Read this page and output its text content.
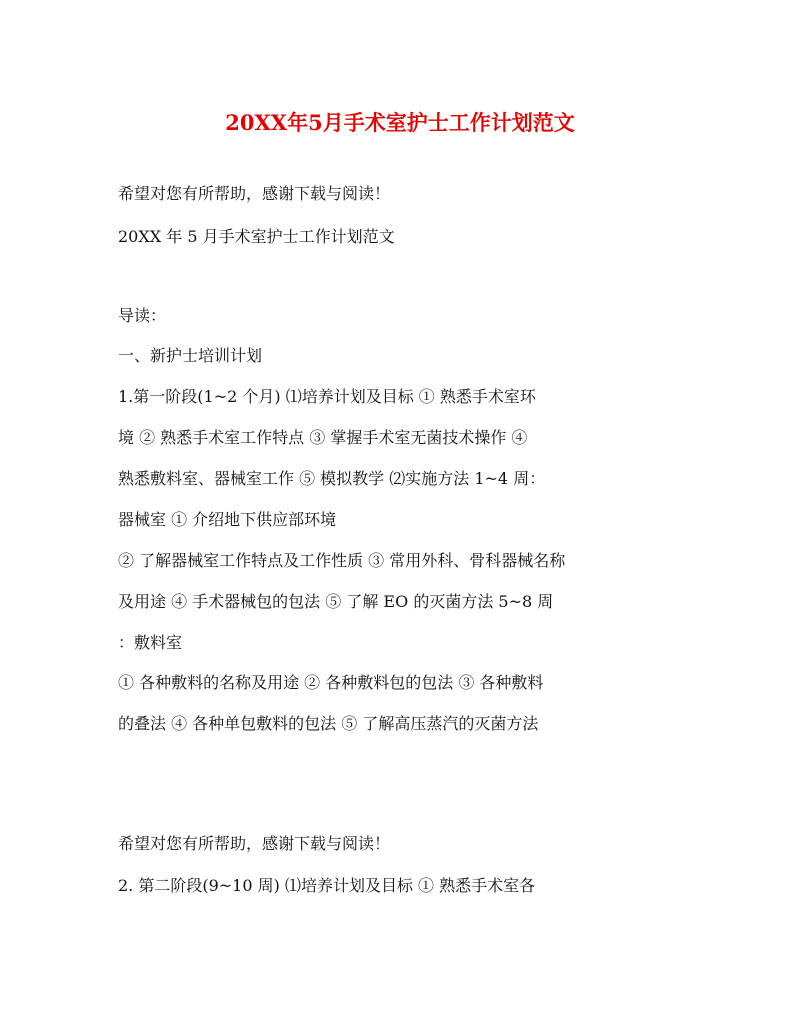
20XX年5月手术室护士工作计划范文
希望对您有所帮助，感谢下载与阅读！
20XX 年 5 月手术室护士工作计划范文
导读：
一、新护士培训计划
1.第一阶段(1~2 个月) ⑴培养计划及目标 ① 熟悉手术室环
境 ② 熟悉手术室工作特点 ③ 掌握手术室无菌技术操作 ④
熟悉敷料室、器械室工作 ⑤ 模拟教学 ⑵实施方法 1~4 周：
器械室 ① 介绍地下供应部环境
② 了解器械室工作特点及工作性质 ③ 常用外科、骨科器械名称
及用途 ④ 手术器械包的包法 ⑤ 了解 EO 的灭菌方法 5~8 周
：敷料室
① 各种敷料的名称及用途 ② 各种敷料包的包法 ③ 各种敷料
的叠法 ④ 各种单包敷料的包法 ⑤ 了解高压蒸汽的灭菌方法
希望对您有所帮助，感谢下载与阅读！
2. 第二阶段(9~10 周) ⑴培养计划及目标 ① 熟悉手术室各
